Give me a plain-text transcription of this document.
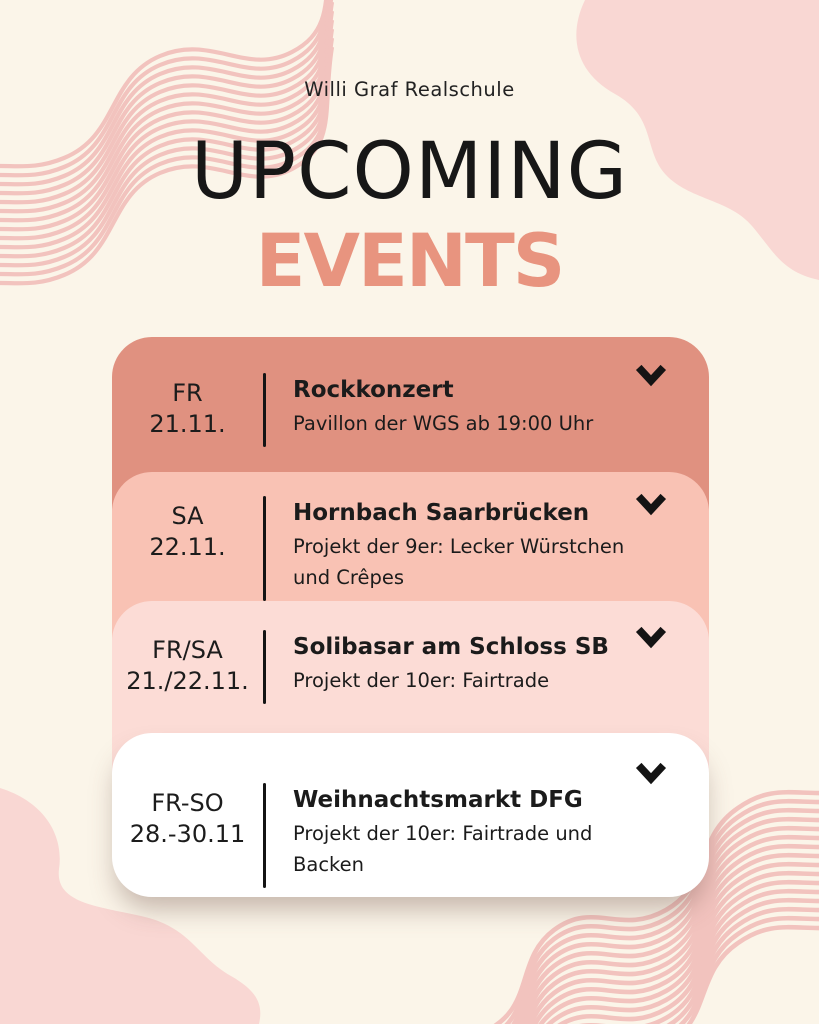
Willi Graf Realschule
UPCOMING
EVENTS
FR
21.11.
Rockkonzert
Pavillon der WGS ab 19:00 Uhr
SA
22.11.
Hornbach Saarbrücken
Projekt der 9er: Lecker Würstchen und Crêpes
FR/SA
21./22.11.
Solibasar am Schloss SB
Projekt der 10er: Fairtrade
FR-SO
28.-30.11
Weihnachtsmarkt DFG
Projekt der 10er: Fairtrade und Backen
